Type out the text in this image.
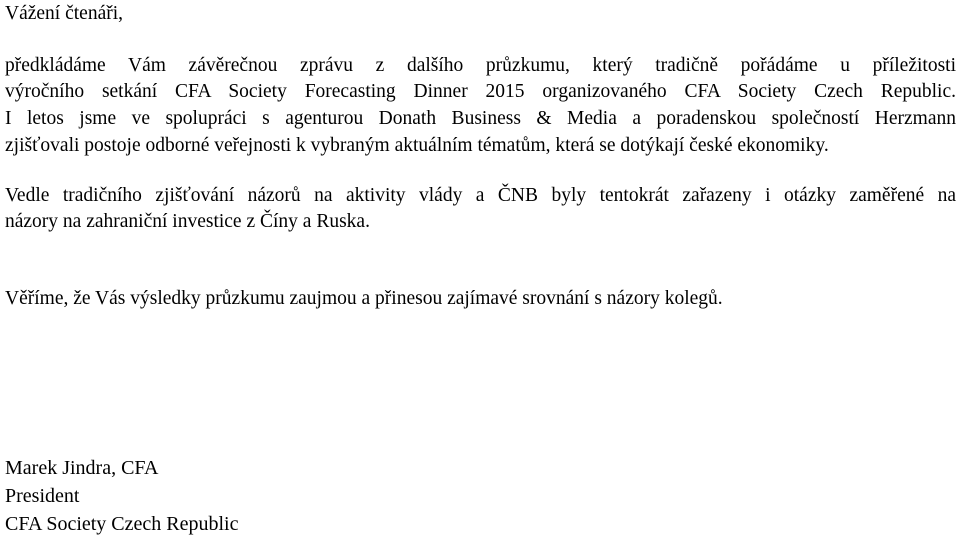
Vážení čtenáři,
předkládáme Vám závěrečnou zprávu z dalšího průzkumu, který tradičně pořádáme u příležitosti
výročního setkání CFA Society Forecasting Dinner 2015 organizovaného CFA Society Czech Republic.
I letos jsme ve spolupráci s agenturou Donath Business & Media a poradenskou společností Herzmann
zjišťovali postoje odborné veřejnosti k vybraným aktuálním tématům, která se dotýkají české ekonomiky.
Vedle tradičního zjišťování názorů na aktivity vlády a ČNB byly tentokrát zařazeny i otázky zaměřené na
názory na zahraniční investice z Číny a Ruska.
Věříme, že Vás výsledky průzkumu zaujmou a přinesou zajímavé srovnání s názory kolegů.
Marek Jindra, CFA
President
CFA Society Czech Republic
